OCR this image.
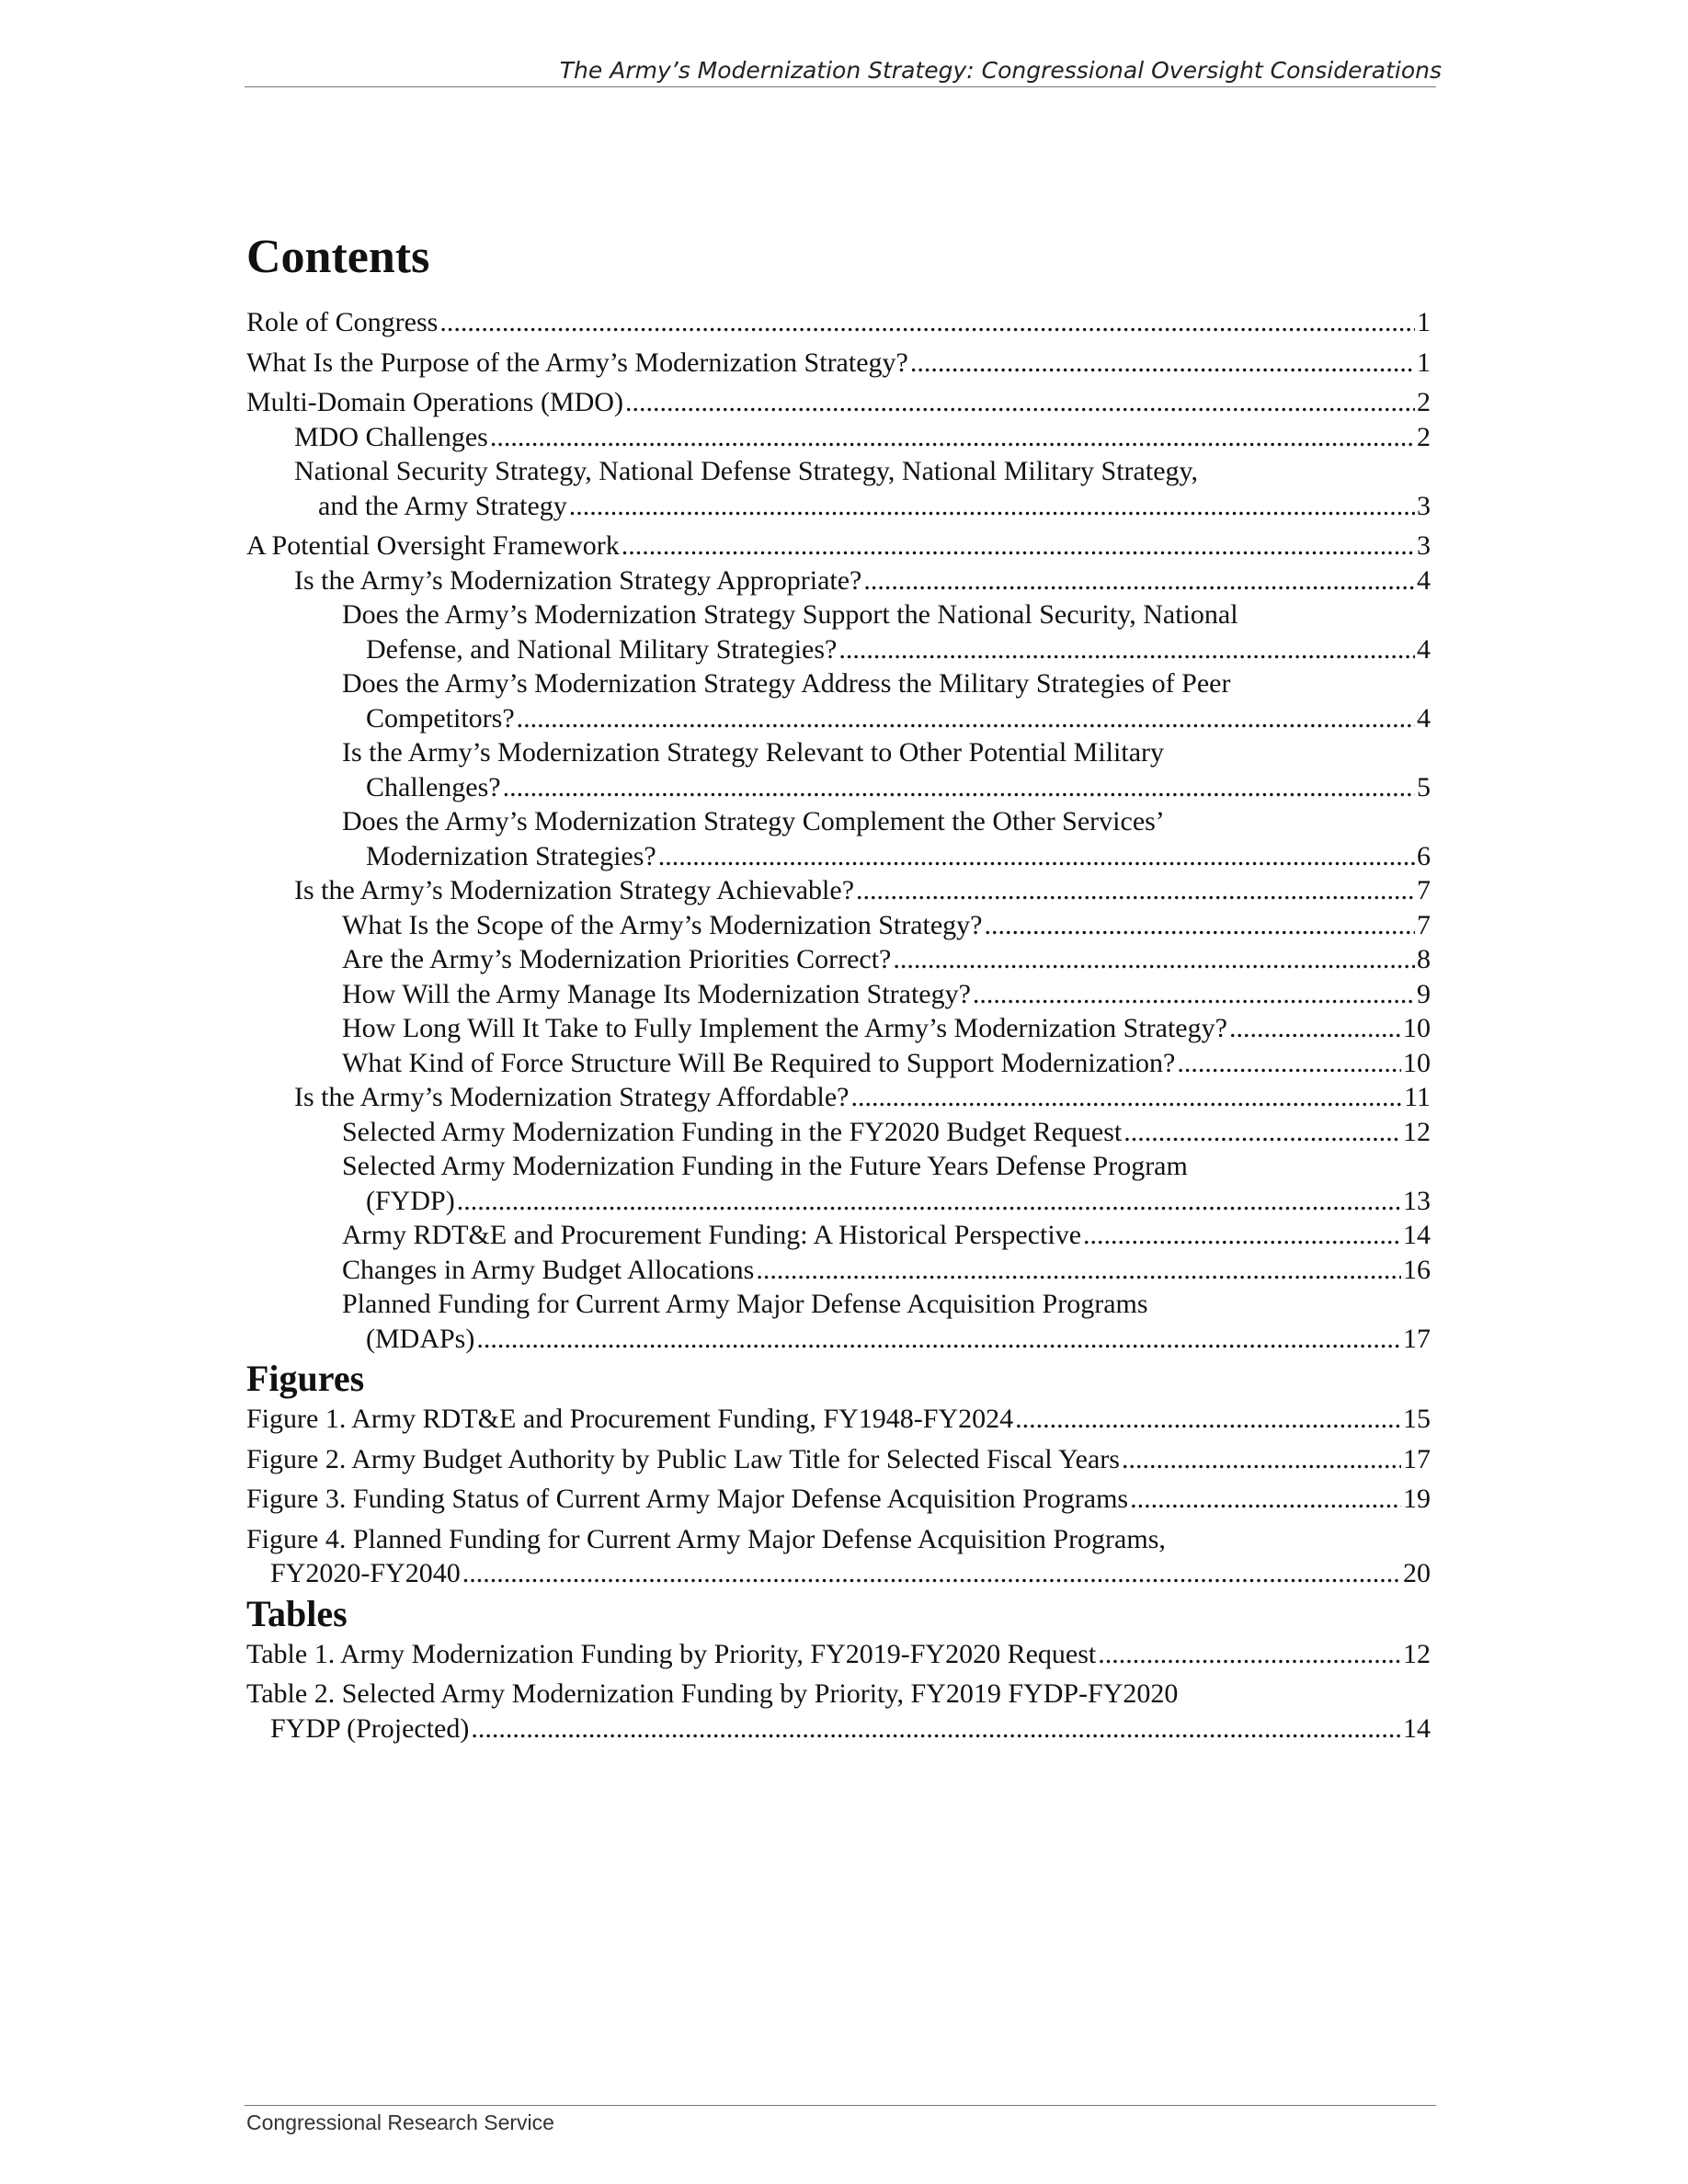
The Army’s Modernization Strategy: Congressional Oversight Considerations
Contents
Role of Congress .....	1
What Is the Purpose of the Army’s Modernization Strategy? .....	1
Multi-Domain Operations (MDO) .....	2
MDO Challenges .....	2
National Security Strategy, National Defense Strategy, National Military Strategy,
and the Army Strategy .....	3
A Potential Oversight Framework .....	3
Is the Army’s Modernization Strategy Appropriate? .....	4
Does the Army’s Modernization Strategy Support the National Security, National
Defense, and National Military Strategies? .....	4
Does the Army’s Modernization Strategy Address the Military Strategies of Peer
Competitors? .....	4
Is the Army’s Modernization Strategy Relevant to Other Potential Military
Challenges? .....	5
Does the Army’s Modernization Strategy Complement the Other Services’
Modernization Strategies? .....	6
Is the Army’s Modernization Strategy Achievable? .....	7
What Is the Scope of the Army’s Modernization Strategy? .....	7
Are the Army’s Modernization Priorities Correct? .....	8
How Will the Army Manage Its Modernization Strategy? .....	9
How Long Will It Take to Fully Implement the Army’s Modernization Strategy? .....	10
What Kind of Force Structure Will Be Required to Support Modernization? .....	10
Is the Army’s Modernization Strategy Affordable? .....	11
Selected Army Modernization Funding in the FY2020 Budget Request .....	12
Selected Army Modernization Funding in the Future Years Defense Program
(FYDP) .....	13
Army RDT&E and Procurement Funding: A Historical Perspective .....	14
Changes in Army Budget Allocations .....	16
Planned Funding for Current Army Major Defense Acquisition Programs
(MDAPs) .....	17
Figures
Figure 1. Army RDT&E and Procurement Funding, FY1948-FY2024 .....	15
Figure 2. Army Budget Authority by Public Law Title for Selected Fiscal Years .....	17
Figure 3. Funding Status of Current Army Major Defense Acquisition Programs .....	19
Figure 4. Planned Funding for Current Army Major Defense Acquisition Programs,
FY2020-FY2040 .....	20
Tables
Table 1. Army Modernization Funding by Priority, FY2019-FY2020 Request .....	12
Table 2. Selected Army Modernization Funding by Priority, FY2019 FYDP-FY2020
FYDP (Projected) .....	14
Congressional Research Service
